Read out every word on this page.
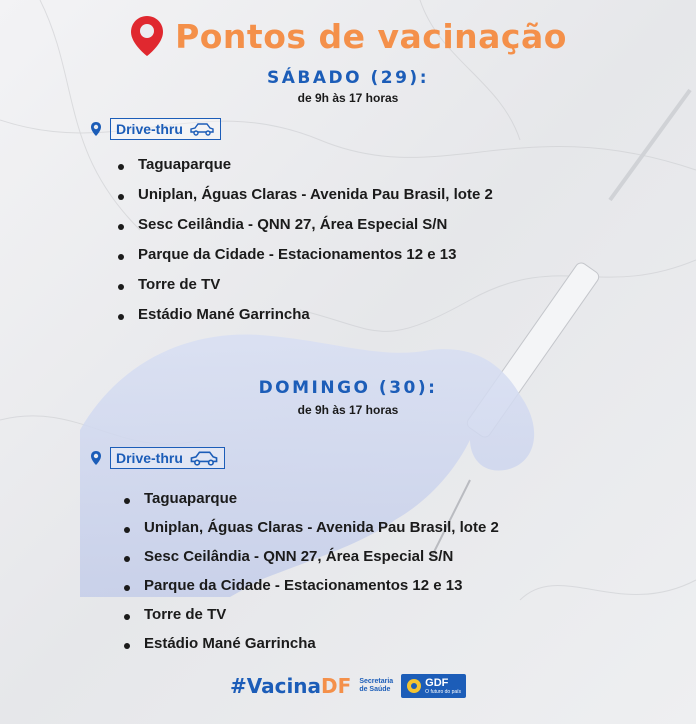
Pontos de vacinação
SÁBADO (29):
de 9h às 17 horas
Drive-thru
Taguaparque
Uniplan, Águas Claras - Avenida Pau Brasil, lote 2
Sesc Ceilândia - QNN 27, Área Especial S/N
Parque da Cidade - Estacionamentos 12 e 13
Torre de TV
Estádio Mané Garrincha
DOMINGO (30):
de 9h às 17 horas
Drive-thru
Taguaparque
Uniplan, Águas Claras - Avenida Pau Brasil, lote 2
Sesc Ceilândia - QNN 27, Área Especial S/N
Parque da Cidade - Estacionamentos 12 e 13
Torre de TV
Estádio Mané Garrincha
#VacinaDF Secretaria
de Saúde
GDF
O futuro do país
